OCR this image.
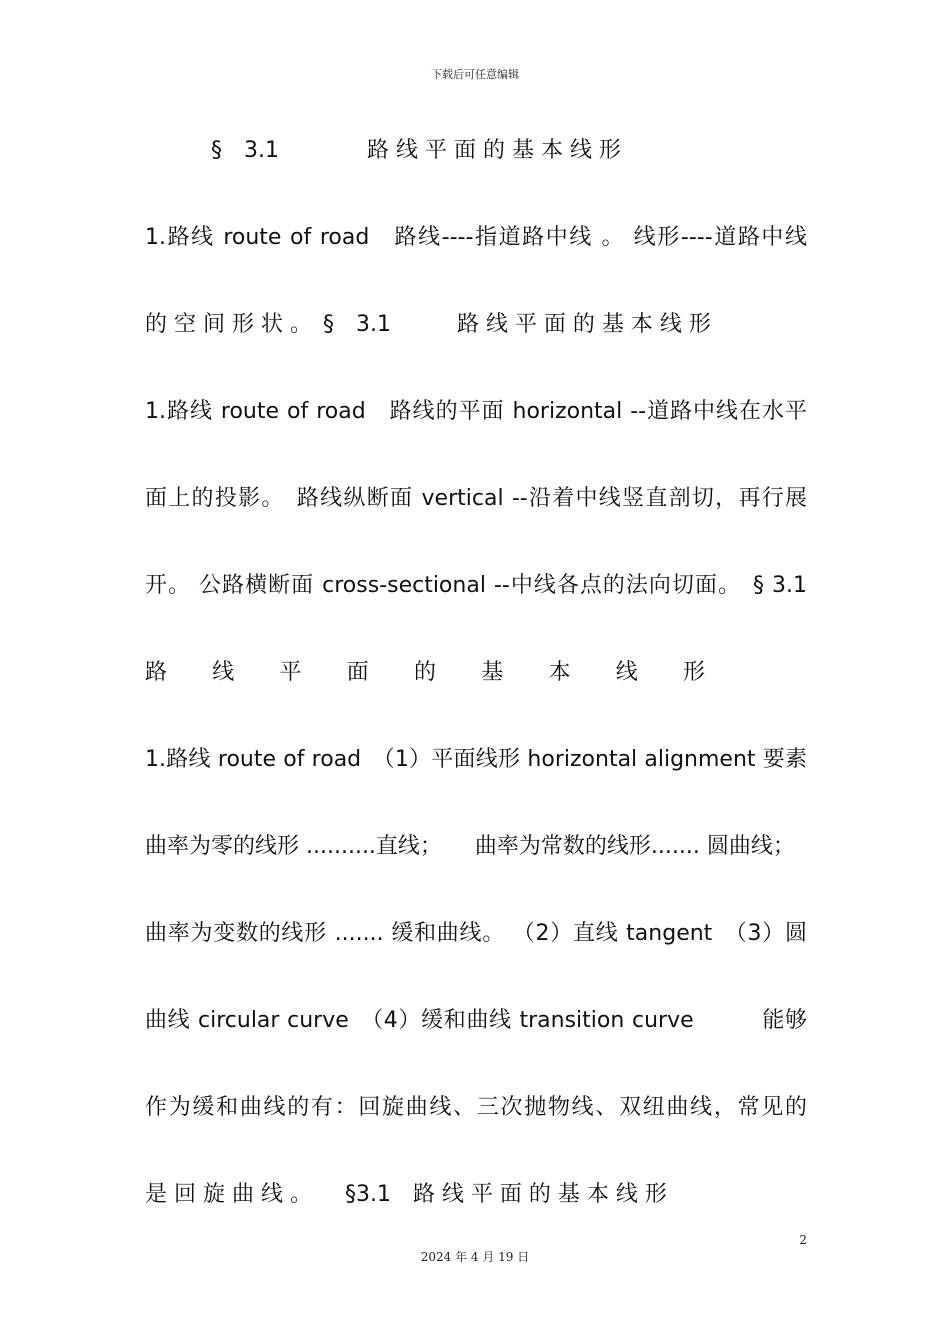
下载后可任意编辑
　§　3.1　　　　路 线 平 面 的 基 本 线 形
1.路线 route of road　路线----指道路中线 。 线形----道路中线
的 空 间 形 状 。　§　3.1　　　路 线 平 面 的 基 本 线 形
1.路线 route of road　路线的平面 horizontal --道路中线在水平
面上的投影。　路线纵断面 vertical --沿着中线竖直剖切，再行展
开。 公路横断面 cross-sectional --中线各点的法向切面。　§ 3.1
路 线 平 面 的 基 本 线 形
1.路线 route of road　（1）平面线形 horizontal alignment 要素
曲率为零的线形 ..........直线；　　曲率为常数的线形....... 圆曲线；
曲率为变数的线形 ....... 缓和曲线。 （2）直线 tangent　（3）圆
曲线 circular curve　（4）缓和曲线 transition curve　　　能够
作为缓和曲线的有：回旋曲线、三次抛物线、双纽曲线，常见的
是 回 旋 曲 线 。　　§3.1　路 线 平 面 的 基 本 线 形
2
2024 年 4 月 19 日
